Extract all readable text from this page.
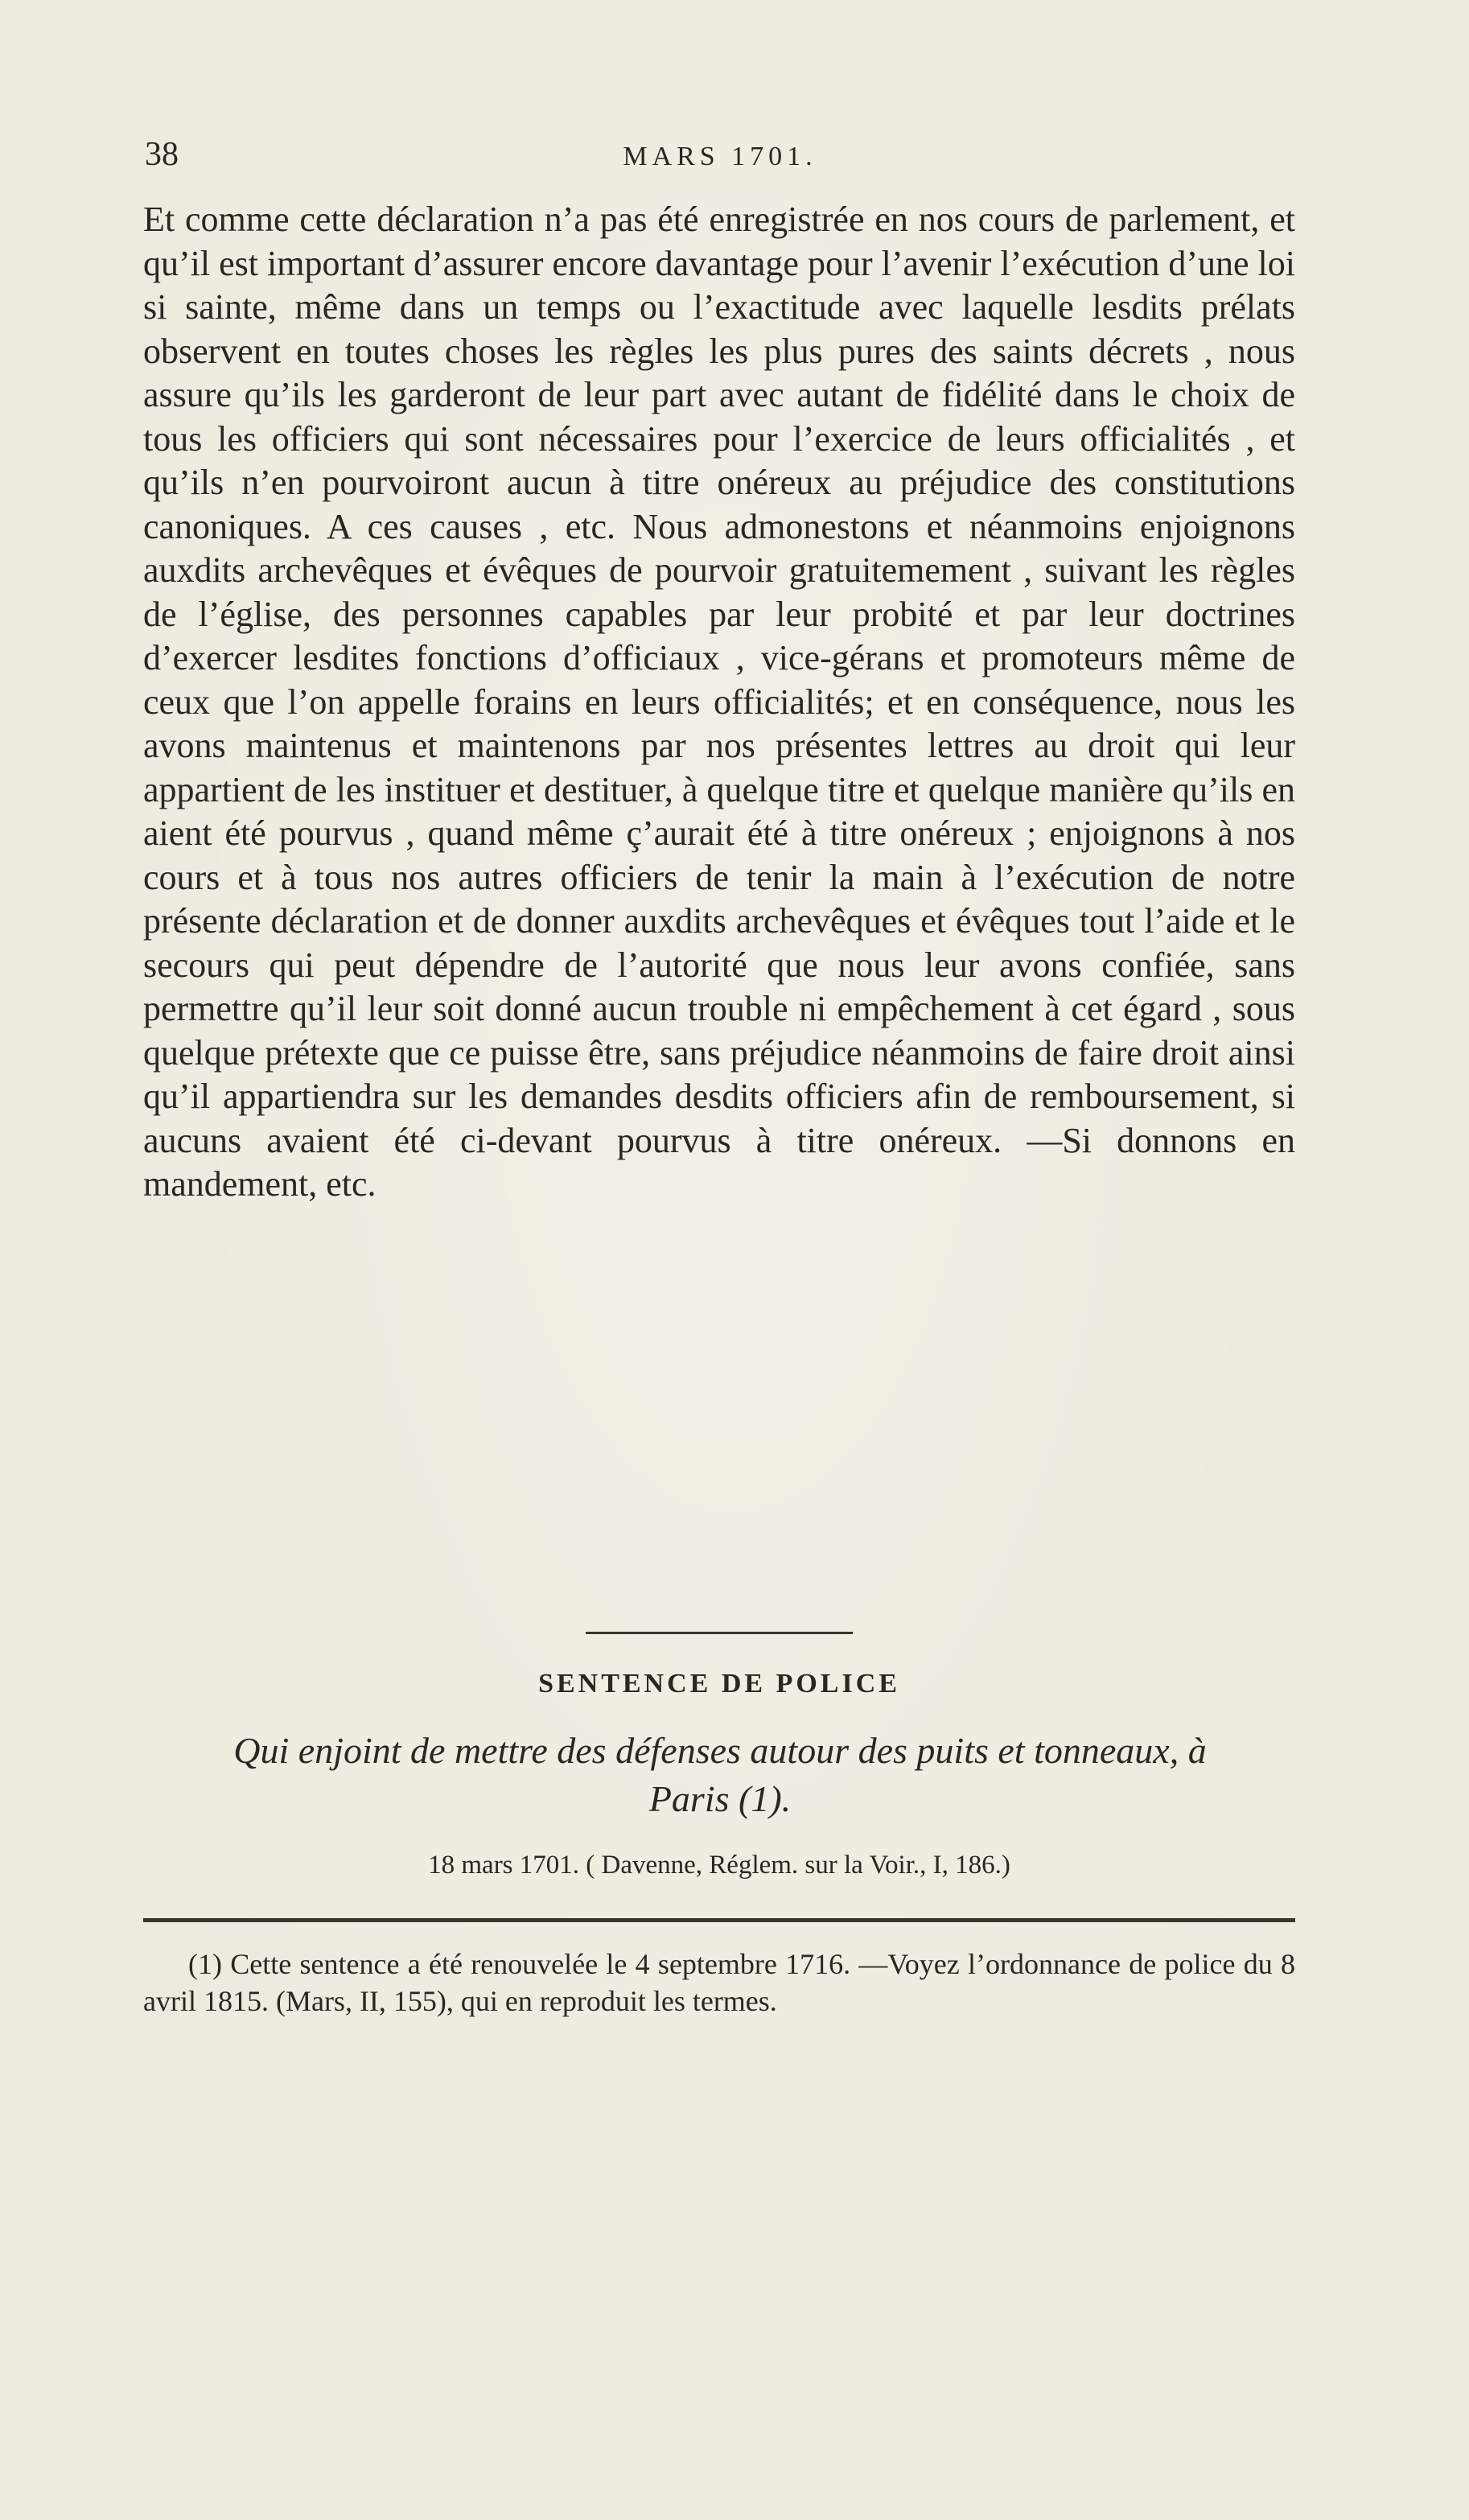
38	MARS 1701.
Et comme cette déclaration n’a pas été enregistrée en nos cours de parlement, et qu’il est important d’assurer encore davantage pour l’avenir l’exécution d’une loi si sainte, même dans un temps ou l’exactitude avec laquelle lesdits prélats observent en toutes choses les règles les plus pures des saints décrets , nous assure qu’ils les garderont de leur part avec autant de fidélité dans le choix de tous les officiers qui sont nécessaires pour l’exercice de leurs officialités , et qu’ils n’en pourvoiront aucun à titre onéreux au préjudice des constitutions canoniques. A ces causes , etc. Nous admonestons et néanmoins enjoignons auxdits archevêques et évêques de pourvoir gratuitemement , suivant les règles de l’église, des personnes capables par leur probité et par leur doctrines d’exercer lesdites fonctions d’officiaux , vice-gérans et promoteurs même de ceux que l’on appelle forains en leurs officialités; et en conséquence, nous les avons maintenus et maintenons par nos présentes lettres au droit qui leur appartient de les instituer et destituer, à quelque titre et quelque manière qu’ils en aient été pourvus , quand même ç’aurait été à titre onéreux ; enjoignons à nos cours et à tous nos autres officiers de tenir la main à l’exécution de notre présente déclaration et de donner auxdits archevêques et évêques tout l’aide et le secours qui peut dépendre de l’autorité que nous leur avons confiée, sans permettre qu’il leur soit donné aucun trouble ni empêchement à cet égard , sous quelque prétexte que ce puisse être, sans préjudice néanmoins de faire droit ainsi qu’il appartiendra sur les demandes desdits officiers afin de remboursement, si aucuns avaient été ci-devant pourvus à titre onéreux. —Si donnons en mandement, etc.
SENTENCE DE POLICE
Qui enjoint de mettre des défenses autour des puits et tonneaux, à Paris (1).
18 mars 1701. ( Davenne, Réglem. sur la Voir., I, 186.)
(1) Cette sentence a été renouvelée le 4 septembre 1716. —Voyez l’ordonnance de police du 8 avril 1815. (Mars, II, 155), qui en reproduit les termes.
